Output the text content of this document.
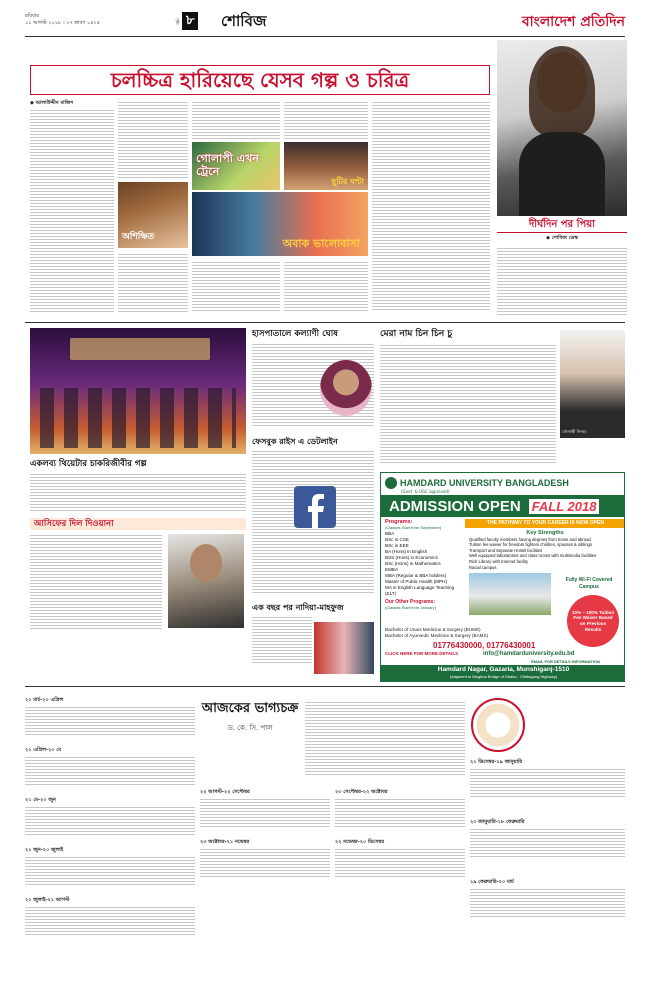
রবিবার
১১ আগস্ট ২০১৮ । ২৭ শ্রাবণ ১৪২৫	পৃষ্ঠা ৮ শোবিজ	বাংলাদেশ প্রতিদিন
চলচ্চিত্র হারিয়েছে যেসব গল্প ও চরিত্র
◆ আলাউদ্দীন মাজিদ
গোলাপী এখন ট্রেনে
ছুটির ঘণ্টা
অশিক্ষিত	অবাক ভালোবাসা
দীর্ঘদিন পর পিয়া
◆ শোবিজ ডেস্ক
হাসপাতালে কল্যাণী ঘোষ	মেরা নাম চিন চিন চু
সোনাক্ষী সিনহা
ফেসবুক রাইস এ ডেটলাইন
একলব্য থিয়েটার চাকরিজীবীর গল্প
আসিফের দিল দিওয়ানা
এক বছর পর নাদিয়া-মাহফুজ
HAMDARD UNIVERSITY BANGLADESH
(Govt. & UGC approved)
ADMISSION OPEN FALL 2018
THE PATHWAY TO YOUR CAREER IS NOW OPEN
Programs:
(Classes Start from September)
BBA
BSc in CSE
BSc in EEE
BA (Hons) in English
BSS (Hons) in Economics
BSc (Hons) in Mathematics
EMBA
MBA (Regular & BBA holders)
Master of Public Health (MPH)
MA in English Language Teaching (ELT)
Our Other Programs:
(Classes Start from January)
Bachelor of Unani Medicine & Surgery (BUMS)
Bachelor of Ayurvedic Medicine & Surgery (BAMS)
Key Strengths
Qualified faculty members having degrees from home and abroad
Tuition fee waiver for freedom fighters children, spouses & siblings
Transport and Separate Hostel facilities
Well equipped laboratories and class rooms with multimedia facilities
Rich Library with Internet facility
Racial campus
Fully Wi-Fi Covered Campus
10% – 100% Tuition Fee Waiver Based on Previous Results
01776430000, 01776430001
CLICK HERE FOR MORE DETAILS	info@hamdarduniversity.edu.bd
EMAIL FOR DETAILS INFORMATION
Hamdard Nagar, Gazaria, Munshiganj-1510
(Adjacent to Meghna Bridge of Dhaka - Chittagong Highway)
আজকের ভাগ্যচক্র
ড. কে. সি. পাল
২১ মার্চ-২০ এপ্রিল
২১ এপ্রিল-২০ মে
২১ মে-২০ জুন
২১ জুন-২০ জুলাই
২১ জুলাই-২১ আগস্ট
২২ আগস্ট-২২ সেপ্টেম্বর	২৩ সেপ্টেম্বর-২২ অক্টোবর
২৩ অক্টোবর-২১ নভেম্বর	২২ নভেম্বর-২০ ডিসেম্বর
২১ ডিসেম্বর-১৯ জানুয়ারি
২০ জানুয়ারি-১৮ ফেব্রুয়ারি
১৯ ফেব্রুয়ারি-২০ মার্চ
